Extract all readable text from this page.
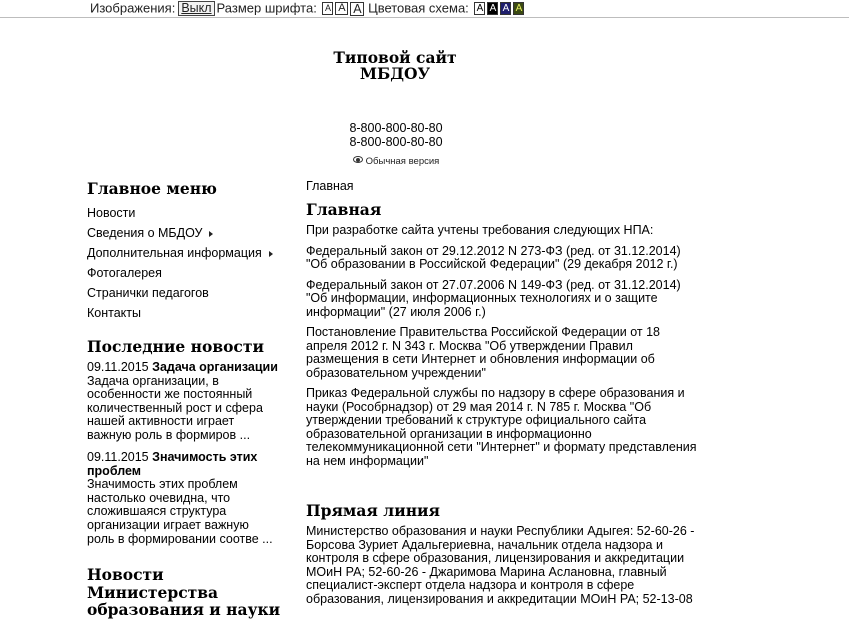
Изображения: Выкл Размер шрифта: A A A Цветовая схема: A A A A
Типовой сайт
МБДОУ
8-800-800-80-80
8-800-800-80-80
Обычная версия
Главное меню
Новости
Сведения о МБДОУ
Дополнительная информация
Фотогалерея
Странички педагогов
Контакты
Последние новости
09.11.2015 Задача организации
Задача организации, в
особенности же постоянный
количественный рост и сфера
нашей активности играет
важную роль в формиров ...
09.11.2015 Значимость этих
проблем
Значимость этих проблем
настолько очевидна, что
сложившаяся структура
организации играет важную
роль в формировании соотве ...
Новости Министерства
образования и науки
Главная
Главная

При разработке сайта учтены требования следующих НПА:

Федеральный закон от 29.12.2012 N 273-ФЗ (ред. от 31.12.2014)
"Об образовании в Российской Федерации" (29 декабря 2012 г.)

Федеральный закон от 27.07.2006 N 149-ФЗ (ред. от 31.12.2014)
"Об информации, информационных технологиях и о защите
информации" (27 июля 2006 г.)

Постановление Правительства Российской Федерации от 18
апреля 2012 г. N 343 г. Москва "Об утверждении Правил
размещения в сети Интернет и обновления информации об
образовательном учреждении"

Приказ Федеральной службы по надзору в сфере образования и
науки (Рособрнадзор) от 29 мая 2014 г. N 785 г. Москва "Об
утверждении требований к структуре официального сайта
образовательной организации в информационно
телекоммуникационной сети "Интернет" и формату представления
на нем информации"

Прямая линия

Министерство образования и науки Республики Адыгея: 52-60-26 -
Борсова Зуриет Адальгериевна, начальник отдела надзора и
контроля в сфере образования, лицензирования и аккредитации
МОиН РА; 52-60-26 - Джаримова Марина Аслановна, главный
специалист-эксперт отдела надзора и контроля в сфере
образования, лицензирования и аккредитации МОиН РА; 52-13-08
